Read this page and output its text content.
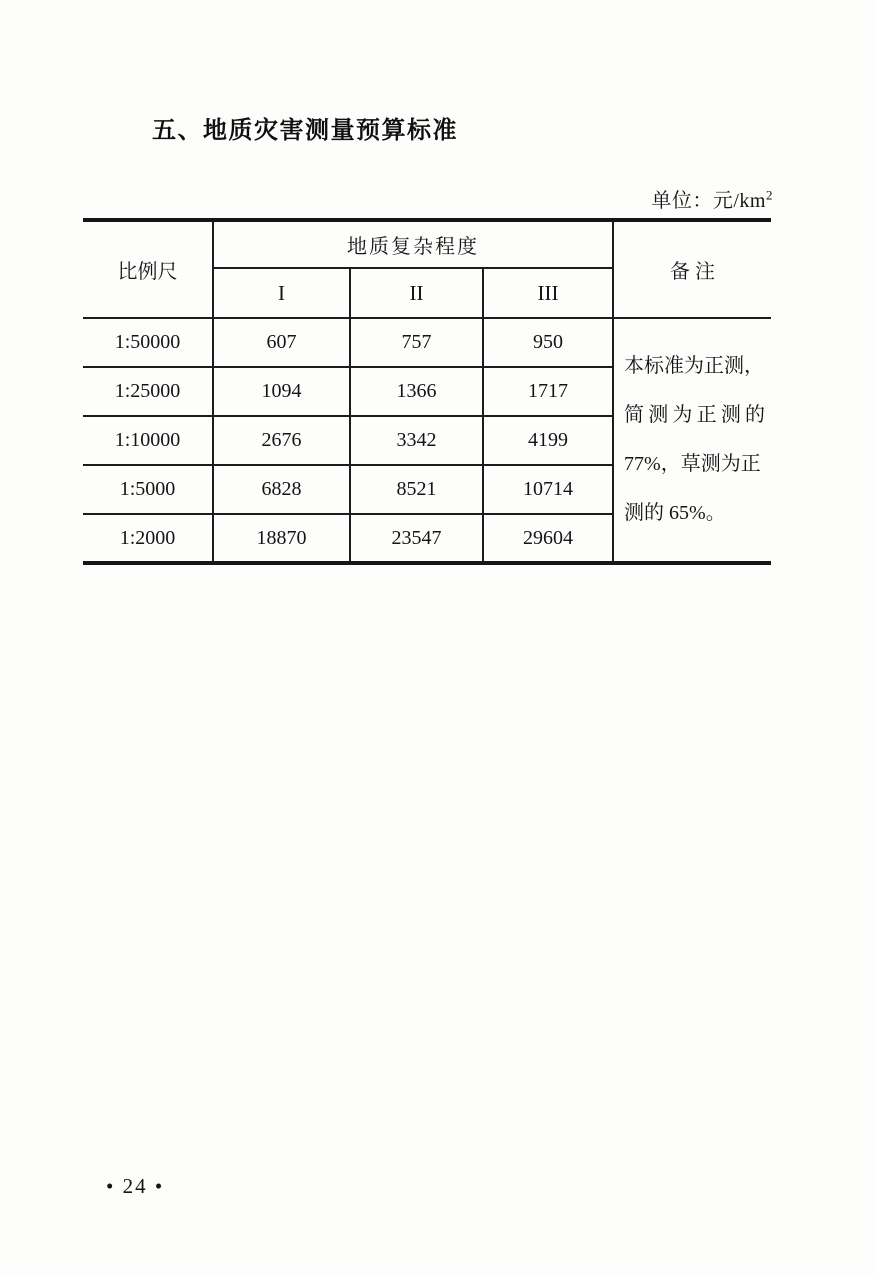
五、地质灾害测量预算标准
单位：元$/km^2$
比例尺	地质复杂程度			备 注
	I	II	III	
1:50000	607	757	950	本标准为正测，
简测为正测的
77%，草测为正
测的 65%。

1:25000	1094	1366	1717	
1:10000	2676	3342	4199	
1:5000	6828	8521	10714	
1:2000	18870	23547	29604	
• 24 •
